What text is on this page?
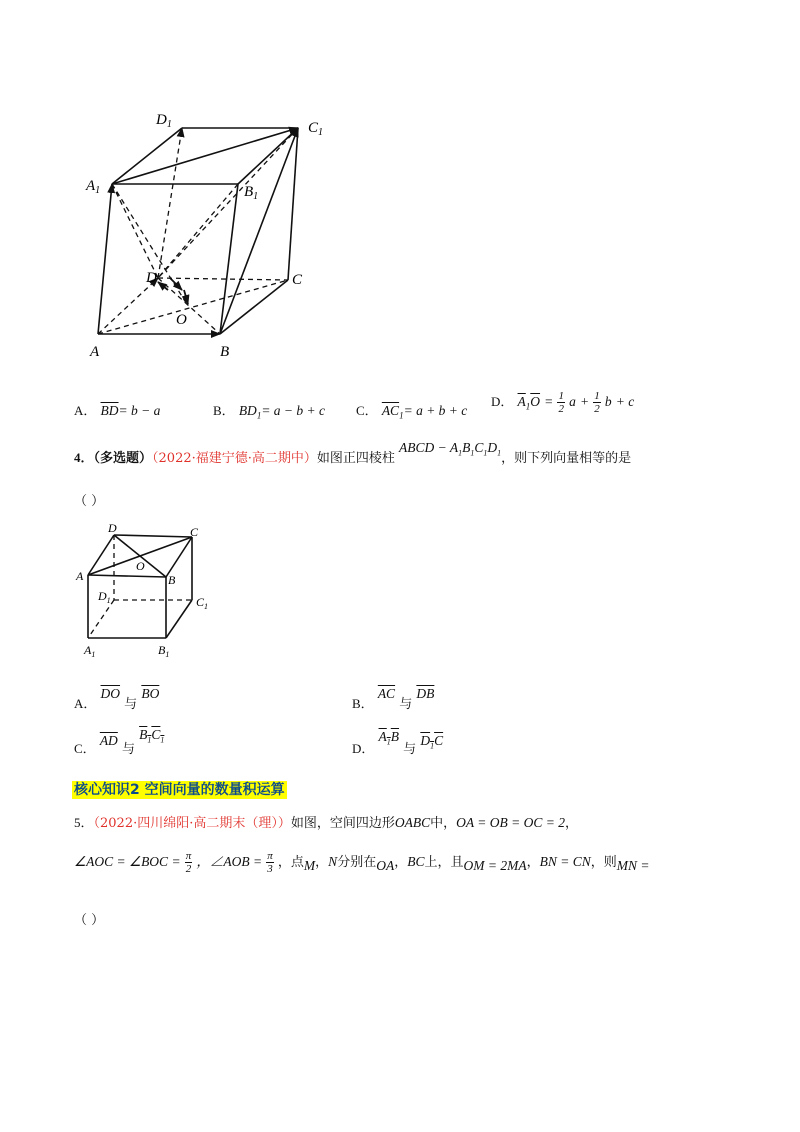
$D_1$	$C_1$
$A_1$	$B_1$
D	C
O
A	B
A． $\overline{BD}= b - a$	B． $BD_1= a - b + c$ C． $\overline{AC}_1= a + b + c$
D． $\overline{A}_1\overline{O} = \frac{1}{2}$ $a + \frac{1}{2}$ b + c
4．（多选题）（2022·福建宁德·高二期中）如图正四棱柱 ABCD − $A_1B_1C_1D_1$，则下列向量相等的是
（ ）
D	C
A
O
B
$D_1$	$C_1$
$A_1$	$B_1$
A． $\overline{DO}$ 与 $\overline{BO}$
B． $\overline{AC}$ 与 $\overline{DB}$
C． $\overline{AD}$ 与 $B_1C_1$
D． $A_1B$ 与 $D_1C$
核心知识2 空间向量的数量积运算
5．（2022·四川绵阳·高二期末（理））如图，空间四边形OABC中，OA = OB = OC = 2，
∠AOC = ∠BOC = $\frac{\pi}{2}$ ，∠AOB = $\frac{\pi}{3}$ ，点M，N分别在OA，BC上，且OM = 2MA，BN = CN，则MN =
（ ）
